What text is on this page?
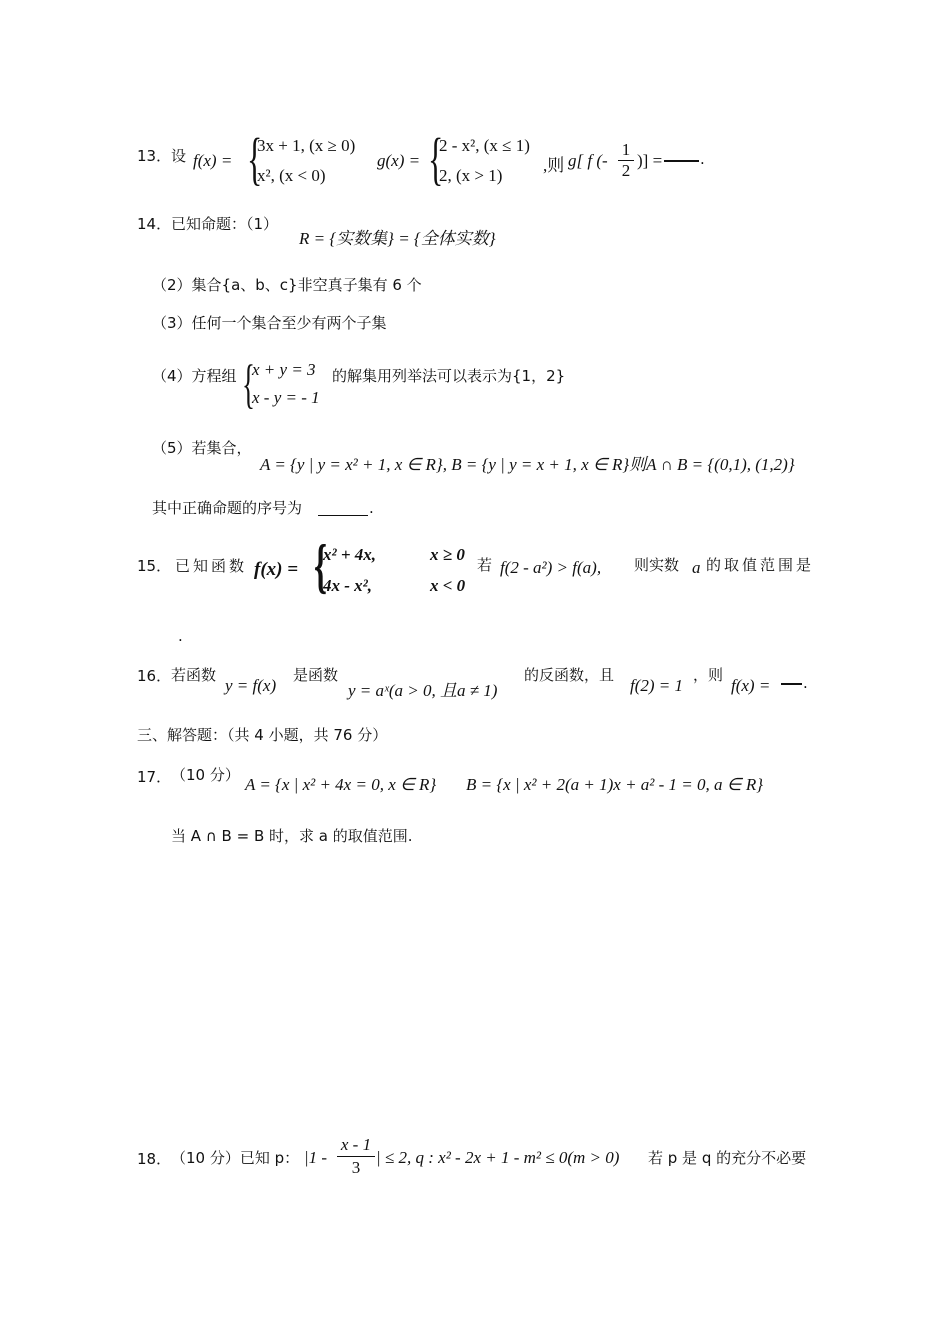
13． 设 f(x) = {
3x + 1, (x ≥ 0)
x², (x < 0)
g(x) = {
2 - x², (x ≤ 1)
2, (x > 1)
,则 g[ f (- $\frac{1}{2}$ )] =	.
14． 已知命题：（1）
R = {实数集} = {全体实数}
（2）集合{a、b、c}非空真子集有 6 个
（3）任何一个集合至少有两个子集
（4）方程组 {
x + y = 3
x - y = - 1
的解集用列举法可以表示为{1，2}
（5）若集合，
A = {y | y = x² + 1, x ∈ R}, B = {y | y = x + 1, x ∈ R}则A ∩ B = {(0,1), (1,2)}
其中正确命题的序号为	.
15． 已知函数 f(x) = {
x² + 4x,	x ≥ 0
4x - x²,	x < 0
若 f(2 - a²) > f(a), 则实数 a 的取值范围是
.
16． 若函数
y = f(x)
是函数
y = aˣ(a > 0, 且a ≠ 1)
的反函数，且
f(2) = 1
，则
f(x) = .
三、解答题：（共 4 小题，共 76 分）
17． （10 分） A = {x | x² + 4x = 0, x ∈ R} B = {x | x² + 2(a + 1)x + a² - 1 = 0, a ∈ R}
当 A ∩ B = B 时，求 a 的取值范围.
18． （10 分）已知 p： $|1 - \frac{x - 1}{3}$ | ≤ 2, q : x² - 2x + 1 - m² ≤ 0(m > 0) 若 p 是 q 的充分不必要
